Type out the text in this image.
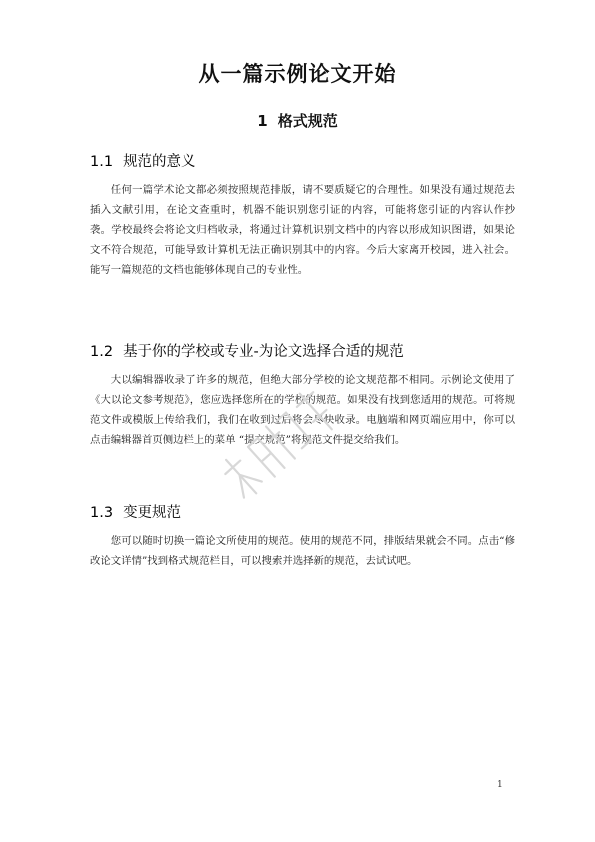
从一篇示例论文开始
1 格式规范
1.1 规范的意义

任何一篇学术论文都必须按照规范排版，请不要质疑它的合理性。如果没有通过规范去插入文献引用，在论文查重时，机器不能识别您引证的内容，可能将您引证的内容认作抄袭。学校最终会将论文归档收录，将通过计算机识别文档中的内容以形成知识图谱，如果论文不符合规范，可能导致计算机无法正确识别其中的内容。今后大家离开校园，进入社会。能写一篇规范的文档也能够体现自己的专业性。

1.2 基于你的学校或专业-为论文选择合适的规范

大以编辑器收录了许多的规范，但绝大部分学校的论文规范都不相同。示例论文使用了《大以论文参考规范》，您应选择您所在的学校的规范。如果没有找到您适用的规范。可将规范文件或模版上传给我们，我们在收到过后将会尽快收录。电脑端和网页端应用中，你可以点击编辑器首页侧边栏上的菜单 “提交规范”将规范文件提交给我们。

1.3 变更规范

您可以随时切换一篇论文所使用的规范。使用的规范不同，排版结果就会不同。点击“修改论文详情”找到格式规范栏目，可以搜索并选择新的规范，去试试吧。

1
